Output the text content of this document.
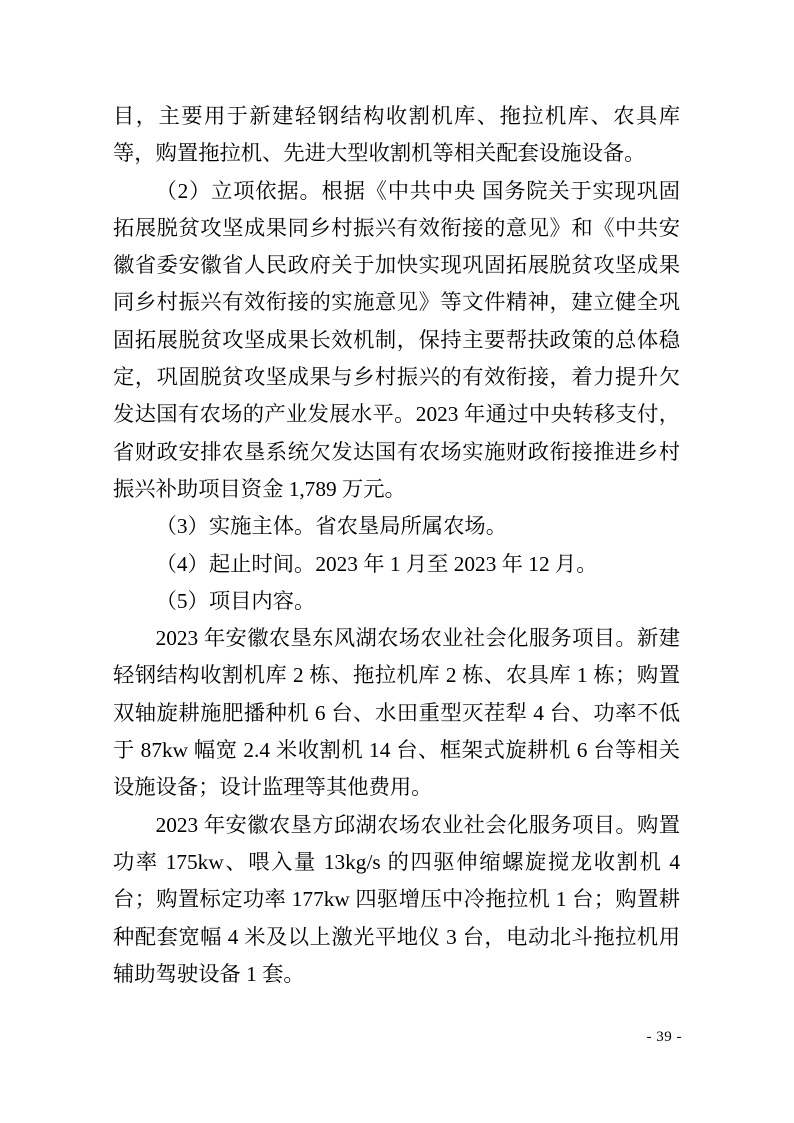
目，主要用于新建轻钢结构收割机库、拖拉机库、农具库等，购置拖拉机、先进大型收割机等相关配套设施设备。

（2）立项依据。根据《中共中央 国务院关于实现巩固拓展脱贫攻坚成果同乡村振兴有效衔接的意见》和《中共安徽省委安徽省人民政府关于加快实现巩固拓展脱贫攻坚成果同乡村振兴有效衔接的实施意见》等文件精神，建立健全巩固拓展脱贫攻坚成果长效机制，保持主要帮扶政策的总体稳定，巩固脱贫攻坚成果与乡村振兴的有效衔接，着力提升欠发达国有农场的产业发展水平。2023 年通过中央转移支付，省财政安排农垦系统欠发达国有农场实施财政衔接推进乡村振兴补助项目资金 1,789 万元。

（3）实施主体。省农垦局所属农场。

（4）起止时间。2023 年 1 月至 2023 年 12 月。

（5）项目内容。

2023 年安徽农垦东风湖农场农业社会化服务项目。新建轻钢结构收割机库 2 栋、拖拉机库 2 栋、农具库 1 栋；购置双轴旋耕施肥播种机 6 台、水田重型灭茬犁 4 台、功率不低于 87kw 幅宽 2.4 米收割机 14 台、框架式旋耕机 6 台等相关设施设备；设计监理等其他费用。

2023 年安徽农垦方邱湖农场农业社会化服务项目。购置功率 175kw、喂入量 13kg/s 的四驱伸缩螺旋搅龙收割机 4 台；购置标定功率 177kw 四驱增压中冷拖拉机 1 台；购置耕种配套宽幅 4 米及以上激光平地仪 3 台，电动北斗拖拉机用辅助驾驶设备 1 套。

- 39 -
